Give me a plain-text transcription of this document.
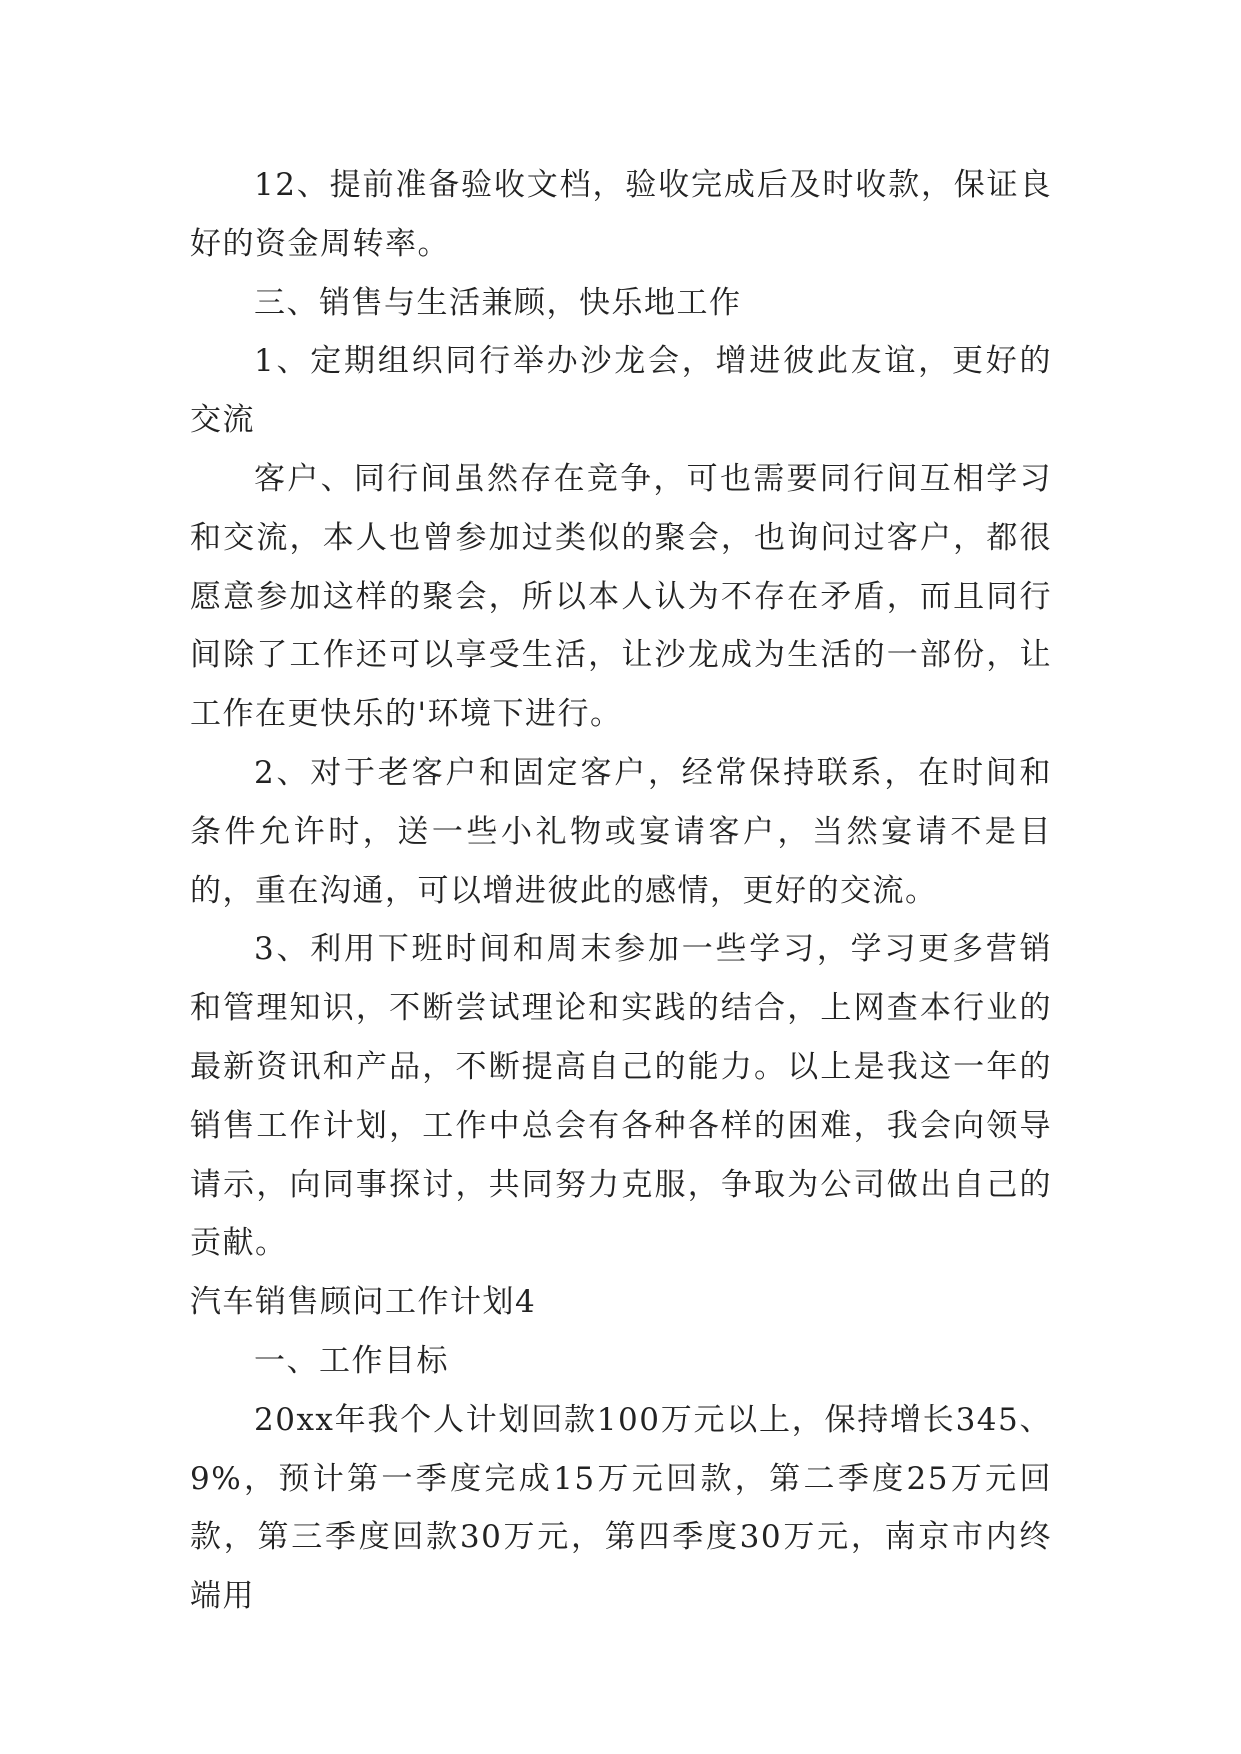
12、提前准备验收文档，验收完成后及时收款，保证良好的资金周转率。

三、销售与生活兼顾，快乐地工作

1、定期组织同行举办沙龙会，增进彼此友谊，更好的交流

客户、同行间虽然存在竞争，可也需要同行间互相学习和交流，本人也曾参加过类似的聚会，也询问过客户，都很愿意参加这样的聚会，所以本人认为不存在矛盾，而且同行间除了工作还可以享受生活，让沙龙成为生活的一部份，让工作在更快乐的'环境下进行。

2、对于老客户和固定客户，经常保持联系，在时间和条件允许时，送一些小礼物或宴请客户，当然宴请不是目的，重在沟通，可以增进彼此的感情，更好的交流。

3、利用下班时间和周末参加一些学习，学习更多营销和管理知识，不断尝试理论和实践的结合，上网查本行业的最新资讯和产品，不断提高自己的能力。以上是我这一年的销售工作计划，工作中总会有各种各样的困难，我会向领导请示，向同事探讨，共同努力克服，争取为公司做出自己的贡献。

汽车销售顾问工作计划4

一、工作目标

20xx年我个人计划回款100万元以上，保持增长345、9%，预计第一季度完成15万元回款，第二季度25万元回款，第三季度回款30万元，第四季度30万元，南京市内终端用
